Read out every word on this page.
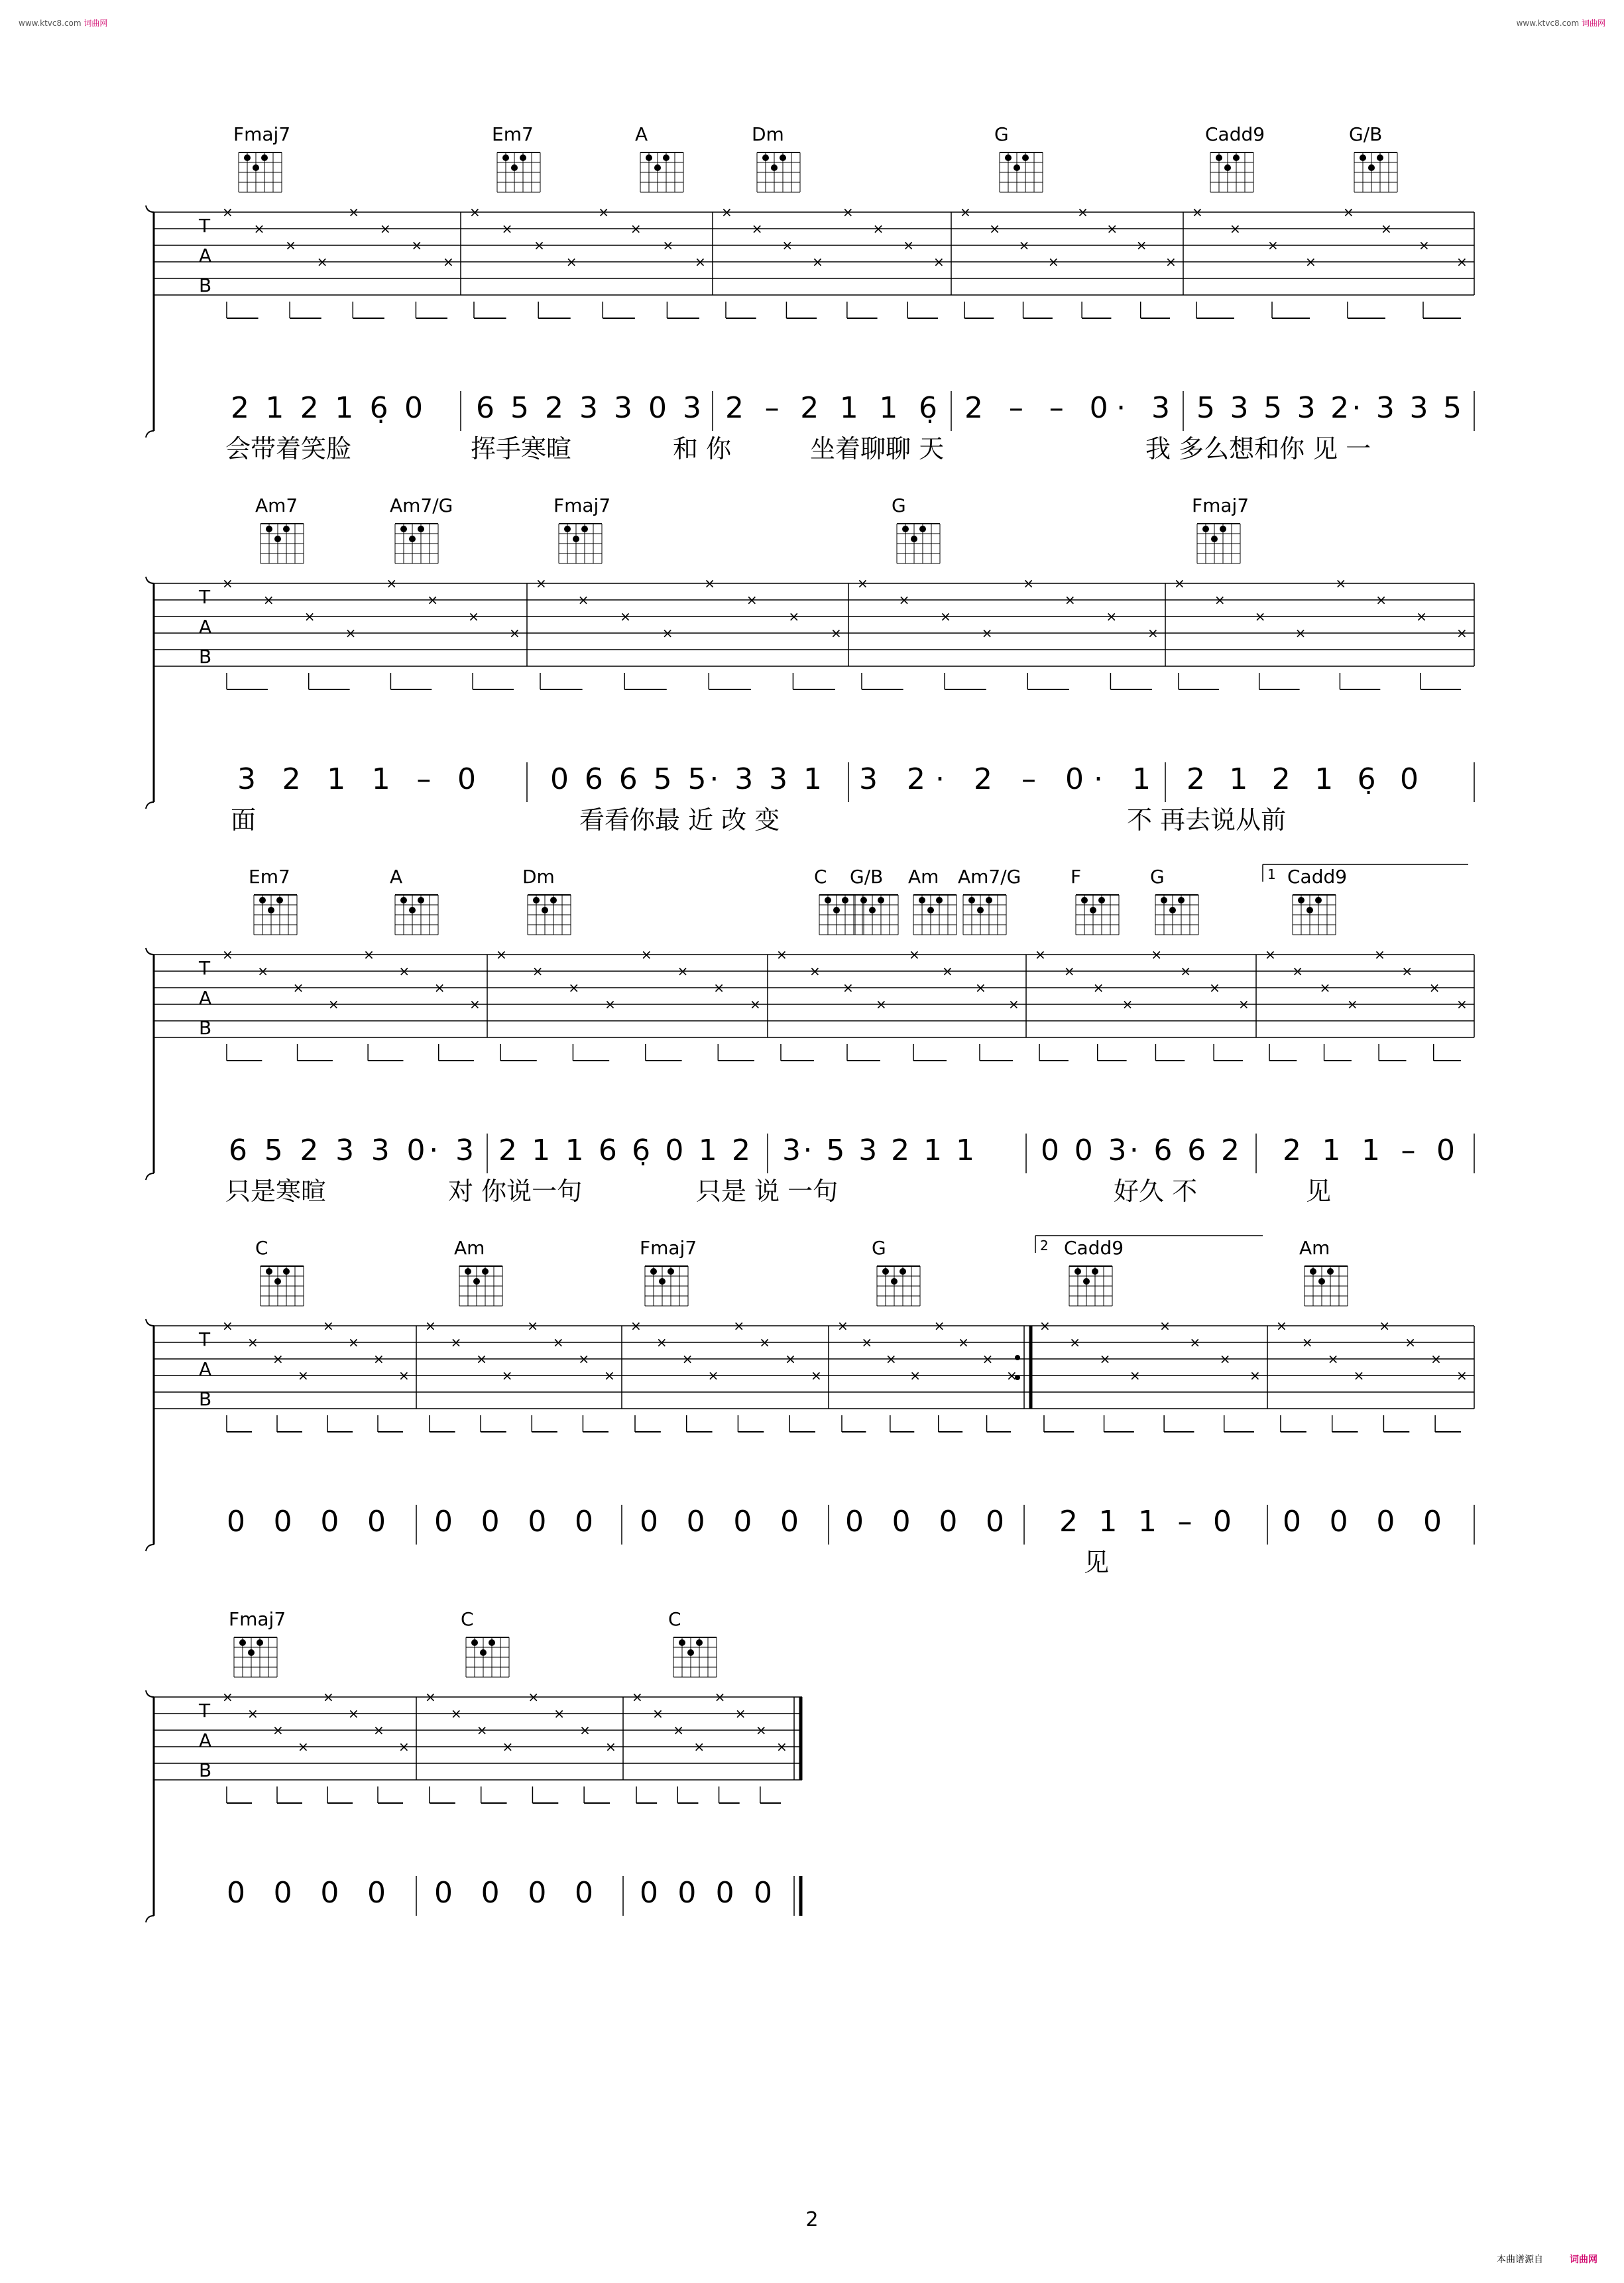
www.ktvc8.com 词曲网	www.ktvc8.com 词曲网
T
A
B
Fmaj7	Em7	A	Dm	G	Cadd9	G/B
2 1 2 1 6̣ 0 6 5 2 3 3 0 3 2 – 2 1 1 6̣ 2 – – 0· 3 5 3 5 3 2· 3 3 5
会带着笑脸	挥手寒暄	和 你	坐着聊聊 天	我 多么想和你 见 一
×
×
×
×
×
×
×
×
×
×
×
×
×
×
×
×
×
×
×
×
×
×
×
×
×
×
×
×
×
×
×
×
×
×
×
×
×
×
×
×
T
A
B
Am7	Am7/G	Fmaj7	G	Fmaj7
3 2 1 1 – 0	0 6 6 5 5· 3 3 1 3 2· 2 – 0· 1 2 1 2 1 6̣ 0
面	看看你最 近 改 变	不 再去说从前
×
×
×
×
×
×
×
×
×
×
×
×
×
×
×
×
×
×
×
×
×
×
×
×
×
×
×
×
×
×
×
×
T
A
B
Em7	A	Dm	C G/B Am Am7/G	F	G	Cadd9
1
6 5 2 3 3 0· 3 2 1 1 6 6̣ 0 1 2 3· 5 3 2 1 1 0 0 3· 6 6 2 2 1 1 – 0
只是寒暄	对 你说一句	只是 说 一句	好久 不	见
×
×
×
×
×
×
×
×
×
×
×
×
×
×
×
×
×
×
×
×
×
×
×
×
×
×
×
×
×
×
×
×
×
×
×
×
×
×
×
×
T
A
B
C	Am	Fmaj7	G	Cadd9	Am
2
0 0 0 0 0 0 0 0 0 0 0 0 0 0 0 0 2 1 1 – 0 0 0 0 0
见
×
×
×
×
×
×
×
×
×
×
×
×
×
×
×
×
×
×
×
×
×
×
×
×
×
×
×
×
×
×
×
×
×
×
×
×
×
×
×
×
×
×
×
×
×
×
×
×
T
A
B
Fmaj7	C	C
0 0 0 0 0 0 0 0 0 0 0 0
×
×
×
×
×
×
×
×
×
×
×
×
×
×
×
×
×
×
×
×
×
×
×
×
2
本曲谱源自	词曲网
